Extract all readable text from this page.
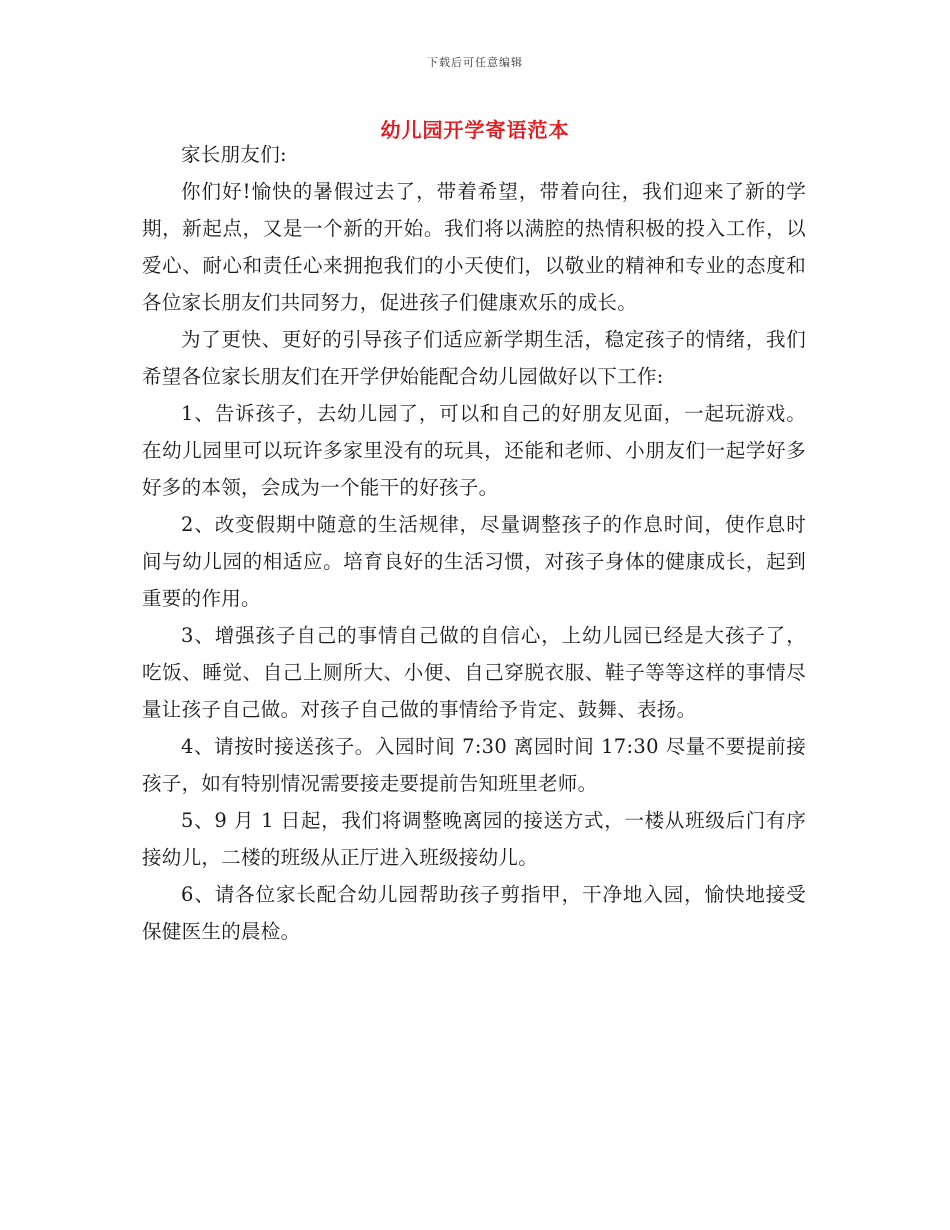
下载后可任意编辑
幼儿园开学寄语范本

家长朋友们:

你们好!愉快的暑假过去了，带着希望，带着向往，我们迎来了新的学期，新起点，又是一个新的开始。我们将以满腔的热情积极的投入工作，以爱心、耐心和责任心来拥抱我们的小天使们，以敬业的精神和专业的态度和各位家长朋友们共同努力，促进孩子们健康欢乐的成长。

为了更快、更好的引导孩子们适应新学期生活，稳定孩子的情绪，我们希望各位家长朋友们在开学伊始能配合幼儿园做好以下工作:

1、告诉孩子，去幼儿园了，可以和自己的好朋友见面，一起玩游戏。在幼儿园里可以玩许多家里没有的玩具，还能和老师、小朋友们一起学好多好多的本领，会成为一个能干的好孩子。

2、改变假期中随意的生活规律，尽量调整孩子的作息时间，使作息时间与幼儿园的相适应。培育良好的生活习惯，对孩子身体的健康成长，起到重要的作用。

3、增强孩子自己的事情自己做的自信心，上幼儿园已经是大孩子了，吃饭、睡觉、自己上厕所大、小便、自己穿脱衣服、鞋子等等这样的事情尽量让孩子自己做。对孩子自己做的事情给予肯定、鼓舞、表扬。

4、请按时接送孩子。入园时间 7:30 离园时间 17:30 尽量不要提前接孩子，如有特别情况需要接走要提前告知班里老师。

5、9 月 1 日起，我们将调整晚离园的接送方式，一楼从班级后门有序接幼儿，二楼的班级从正厅进入班级接幼儿。

6、请各位家长配合幼儿园帮助孩子剪指甲，干净地入园，愉快地接受保健医生的晨检。
